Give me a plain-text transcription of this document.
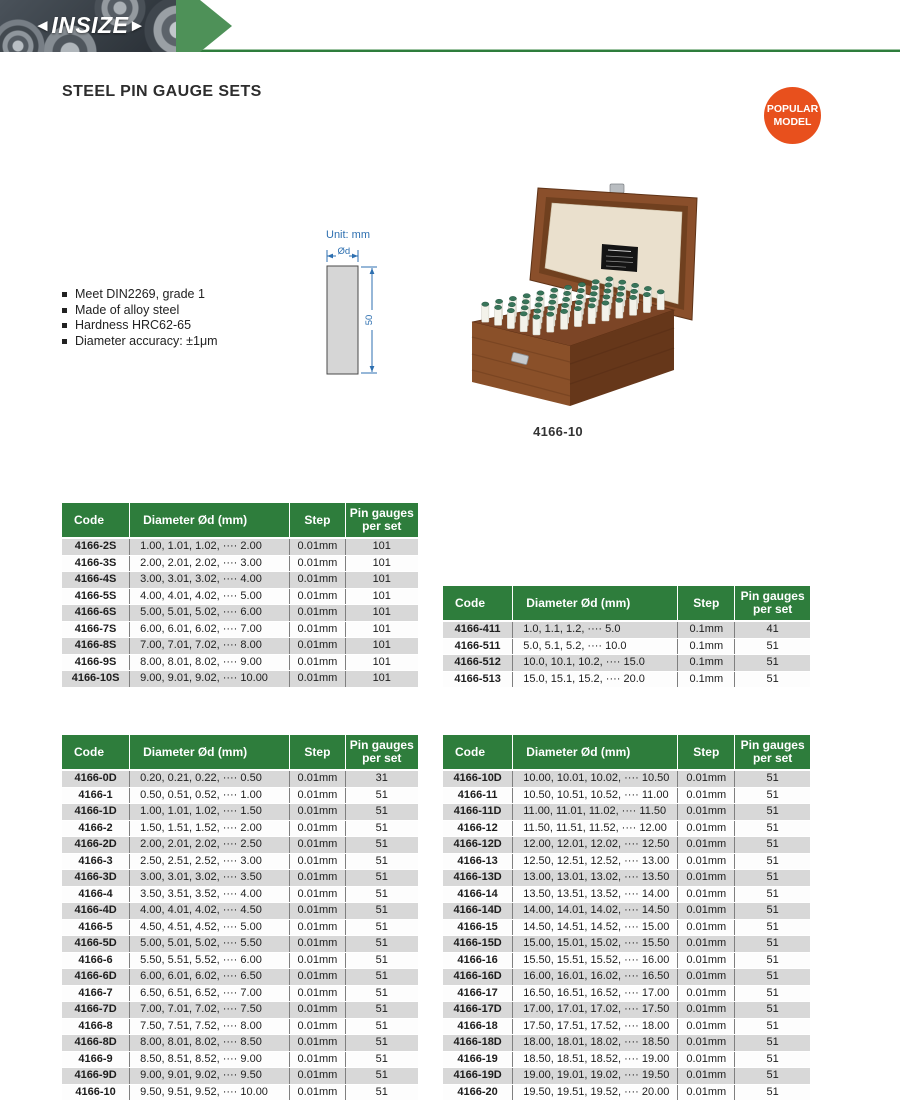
◄INSIZE►
STEEL PIN GAUGE SETS
POPULAR
MODEL
Meet DIN2269, grade 1
Made of alloy steel
Hardness HRC62-65
Diameter accuracy: ±1μm
Unit: mm
Ød
50
4166-10
Code	Diameter Ød (mm)	Step	Pin gauges per set
4166-2S	1.00, 1.01, 1.02, ···· 2.00	0.01mm	101
4166-3S	2.00, 2.01, 2.02, ···· 3.00	0.01mm	101
4166-4S	3.00, 3.01, 3.02, ···· 4.00	0.01mm	101
4166-5S	4.00, 4.01, 4.02, ···· 5.00	0.01mm	101
4166-6S	5.00, 5.01, 5.02, ···· 6.00	0.01mm	101
4166-7S	6.00, 6.01, 6.02, ···· 7.00	0.01mm	101
4166-8S	7.00, 7.01, 7.02, ···· 8.00	0.01mm	101
4166-9S	8.00, 8.01, 8.02, ···· 9.00	0.01mm	101
4166-10S	9.00, 9.01, 9.02, ···· 10.00	0.01mm	101
Code	Diameter Ød (mm)	Step	Pin gauges per set
4166-411	1.0, 1.1, 1.2, ···· 5.0	0.1mm	41
4166-511	5.0, 5.1, 5.2, ···· 10.0	0.1mm	51
4166-512	10.0, 10.1, 10.2, ···· 15.0	0.1mm	51
4166-513	15.0, 15.1, 15.2, ···· 20.0	0.1mm	51
Code	Diameter Ød (mm)	Step	Pin gauges per set
4166-0D	0.20, 0.21, 0.22, ···· 0.50	0.01mm	31
4166-1	0.50, 0.51, 0.52, ···· 1.00	0.01mm	51
4166-1D	1.00, 1.01, 1.02, ···· 1.50	0.01mm	51
4166-2	1.50, 1.51, 1.52, ···· 2.00	0.01mm	51
4166-2D	2.00, 2.01, 2.02, ···· 2.50	0.01mm	51
4166-3	2.50, 2.51, 2.52, ···· 3.00	0.01mm	51
4166-3D	3.00, 3.01, 3.02, ···· 3.50	0.01mm	51
4166-4	3.50, 3.51, 3.52, ···· 4.00	0.01mm	51
4166-4D	4.00, 4.01, 4.02, ···· 4.50	0.01mm	51
4166-5	4.50, 4.51, 4.52, ···· 5.00	0.01mm	51
4166-5D	5.00, 5.01, 5.02, ···· 5.50	0.01mm	51
4166-6	5.50, 5.51, 5.52, ···· 6.00	0.01mm	51
4166-6D	6.00, 6.01, 6.02, ···· 6.50	0.01mm	51
4166-7	6.50, 6.51, 6.52, ···· 7.00	0.01mm	51
4166-7D	7.00, 7.01, 7.02, ···· 7.50	0.01mm	51
4166-8	7.50, 7.51, 7.52, ···· 8.00	0.01mm	51
4166-8D	8.00, 8.01, 8.02, ···· 8.50	0.01mm	51
4166-9	8.50, 8.51, 8.52, ···· 9.00	0.01mm	51
4166-9D	9.00, 9.01, 9.02, ···· 9.50	0.01mm	51
4166-10	9.50, 9.51, 9.52, ···· 10.00	0.01mm	51
Code	Diameter Ød (mm)	Step	Pin gauges per set
4166-10D	10.00, 10.01, 10.02, ···· 10.50	0.01mm	51
4166-11	10.50, 10.51, 10.52, ···· 11.00	0.01mm	51
4166-11D	11.00, 11.01, 11.02, ···· 11.50	0.01mm	51
4166-12	11.50, 11.51, 11.52, ···· 12.00	0.01mm	51
4166-12D	12.00, 12.01, 12.02, ···· 12.50	0.01mm	51
4166-13	12.50, 12.51, 12.52, ···· 13.00	0.01mm	51
4166-13D	13.00, 13.01, 13.02, ···· 13.50	0.01mm	51
4166-14	13.50, 13.51, 13.52, ···· 14.00	0.01mm	51
4166-14D	14.00, 14.01, 14.02, ···· 14.50	0.01mm	51
4166-15	14.50, 14.51, 14.52, ···· 15.00	0.01mm	51
4166-15D	15.00, 15.01, 15.02, ···· 15.50	0.01mm	51
4166-16	15.50, 15.51, 15.52, ···· 16.00	0.01mm	51
4166-16D	16.00, 16.01, 16.02, ···· 16.50	0.01mm	51
4166-17	16.50, 16.51, 16.52, ···· 17.00	0.01mm	51
4166-17D	17.00, 17.01, 17.02, ···· 17.50	0.01mm	51
4166-18	17.50, 17.51, 17.52, ···· 18.00	0.01mm	51
4166-18D	18.00, 18.01, 18.02, ···· 18.50	0.01mm	51
4166-19	18.50, 18.51, 18.52, ···· 19.00	0.01mm	51
4166-19D	19.00, 19.01, 19.02, ···· 19.50	0.01mm	51
4166-20	19.50, 19.51, 19.52, ···· 20.00	0.01mm	51
